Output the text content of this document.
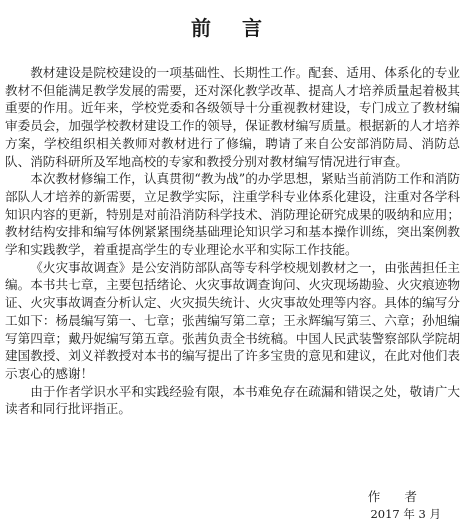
前 言

教材建设是院校建设的一项基础性、长期性工作。配套、适用、体系化的专业教材不但能满足教学发展的需要，还对深化教学改革、提高人才培养质量起着极其重要的作用。近年来，学校党委和各级领导十分重视教材建设，专门成立了教材编审委员会，加强学校教材建设工作的领导，保证教材编写质量。根据新的人才培养方案，学校组织相关教师对教材进行了修编，聘请了来自公安部消防局、消防总队、消防科研所及军地高校的专家和教授分别对教材编写情况进行审查。

本次教材修编工作，认真贯彻“教为战”的办学思想，紧贴当前消防工作和消防部队人才培养的新需要，立足教学实际，注重学科专业体系化建设，注重对各学科知识内容的更新，特别是对前沿消防科学技术、消防理论研究成果的吸纳和应用；教材结构安排和编写体例紧紧围绕基础理论知识学习和基本操作训练，突出案例教学和实践教学，着重提高学生的专业理论水平和实际工作技能。

《火灾事故调查》是公安消防部队高等专科学校规划教材之一，由张茜担任主编。本书共七章，主要包括绪论、火灾事故调查询问、火灾现场勘验、火灾痕迹物证、火灾事故调查分析认定、火灾损失统计、火灾事故处理等内容。具体的编写分工如下：杨晨编写第一、七章；张茜编写第二章；王永辉编写第三、六章；孙旭编写第四章；戴丹妮编写第五章。张茜负责全书统稿。中国人民武装警察部队学院胡建国教授、刘义祥教授对本书的编写提出了许多宝贵的意见和建议，在此对他们表示衷心的感谢！

由于作者学识水平和实践经验有限，本书难免存在疏漏和错误之处，敬请广大读者和同行批评指正。

作 者
2017 年 3 月
